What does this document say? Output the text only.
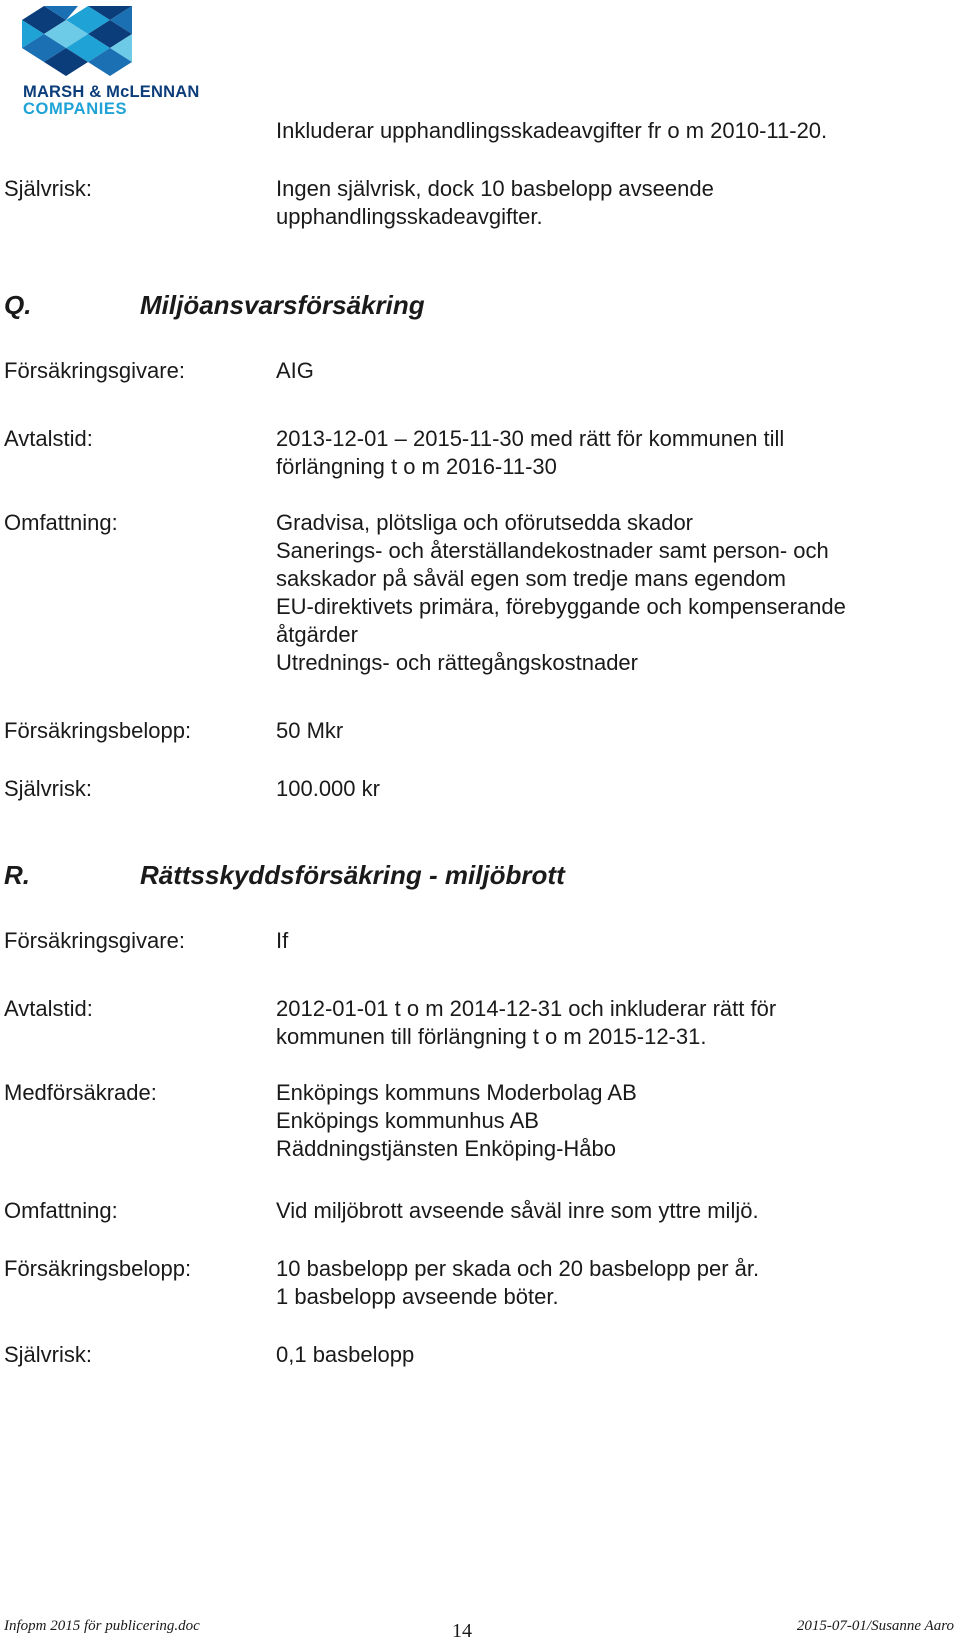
MARSH & McLENNAN
COMPANIES
Inkluderar upphandlingsskadeavgifter fr o m 2010-11-20.
Självrisk:	Ingen självrisk, dock 10 basbelopp avseende
upphandlingsskadeavgifter.
Q.	Miljöansvarsförsäkring
Försäkringsgivare:	AIG
Avtalstid:	2013-12-01 – 2015-11-30 med rätt för kommunen till
förlängning t o m 2016-11-30
Omfattning:	Gradvisa, plötsliga och oförutsedda skador
Sanerings- och återställandekostnader samt person- och
sakskador på såväl egen som tredje mans egendom
EU-direktivets primära, förebyggande och kompenserande
åtgärder
Utrednings- och rättegångskostnader
Försäkringsbelopp:	50 Mkr
Självrisk:	100.000 kr
R.	Rättsskyddsförsäkring - miljöbrott
Försäkringsgivare:	If
Avtalstid:	2012-01-01 t o m 2014-12-31 och inkluderar rätt för
kommunen till förlängning t o m 2015-12-31.
Medförsäkrade:	Enköpings kommuns Moderbolag AB
Enköpings kommunhus AB
Räddningstjänsten Enköping-Håbo
Omfattning:	Vid miljöbrott avseende såväl inre som yttre miljö.
Försäkringsbelopp:	10 basbelopp per skada och 20 basbelopp per år.
1 basbelopp avseende böter.
Självrisk:	0,1 basbelopp
Infopm 2015 för publicering.doc	14	2015-07-01/Susanne Aaro
